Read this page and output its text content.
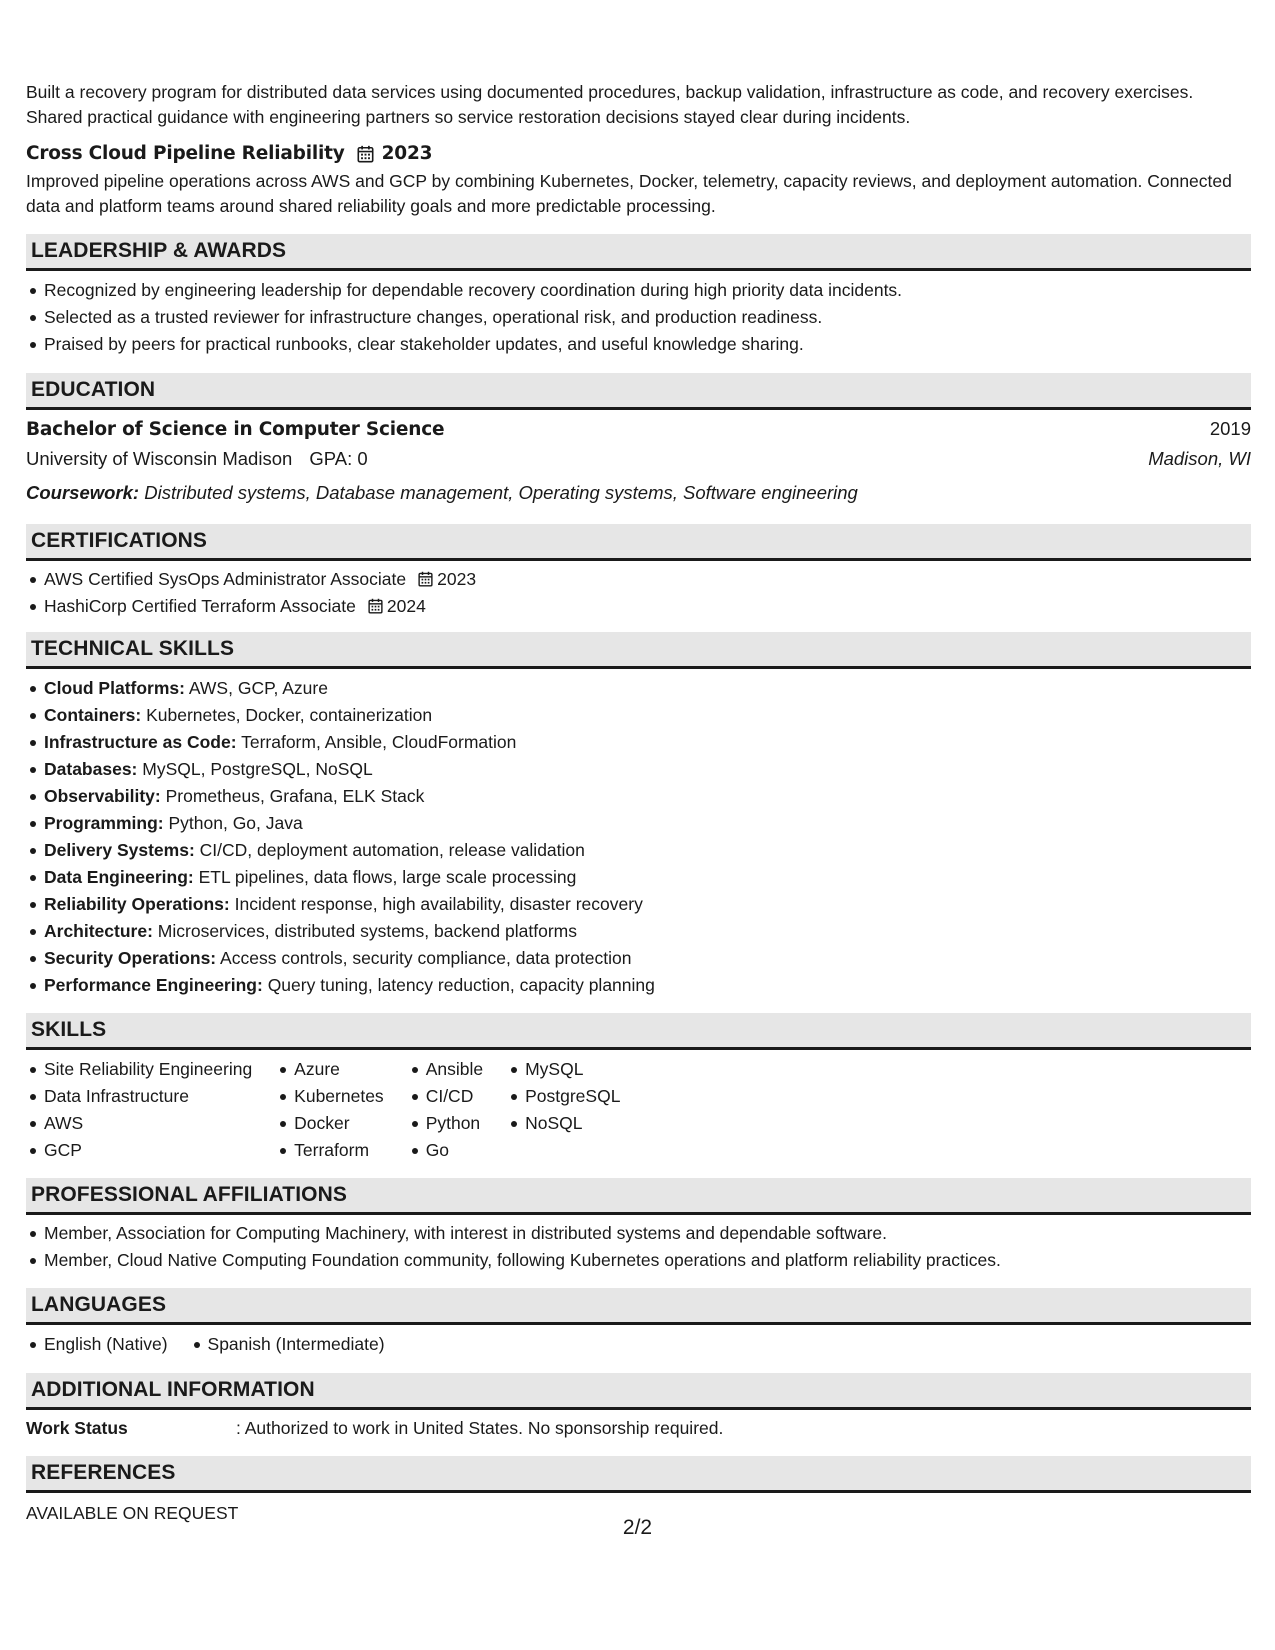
Built a recovery program for distributed data services using documented procedures, backup validation, infrastructure as code, and recovery exercises. Shared practical guidance with engineering partners so service restoration decisions stayed clear during incidents.

Cross Cloud Pipeline Reliability 2023

Improved pipeline operations across AWS and GCP by combining Kubernetes, Docker, telemetry, capacity reviews, and deployment automation. Connected data and platform teams around shared reliability goals and more predictable processing.

LEADERSHIP & AWARDS
Recognized by engineering leadership for dependable recovery coordination during high priority data incidents.
Selected as a trusted reviewer for infrastructure changes, operational risk, and production readiness.
Praised by peers for practical runbooks, clear stakeholder updates, and useful knowledge sharing.
EDUCATION
Bachelor of Science in Computer Science	2019
University of Wisconsin Madison GPA: 0	Madison, WI
Coursework: Distributed systems, Database management, Operating systems, Software engineering
CERTIFICATIONS
AWS Certified SysOps Administrator Associate 2023
HashiCorp Certified Terraform Associate 2024
TECHNICAL SKILLS
Cloud Platforms: AWS, GCP, Azure
Containers: Kubernetes, Docker, containerization
Infrastructure as Code: Terraform, Ansible, CloudFormation
Databases: MySQL, PostgreSQL, NoSQL
Observability: Prometheus, Grafana, ELK Stack
Programming: Python, Go, Java
Delivery Systems: CI/CD, deployment automation, release validation
Data Engineering: ETL pipelines, data flows, large scale processing
Reliability Operations: Incident response, high availability, disaster recovery
Architecture: Microservices, distributed systems, backend platforms
Security Operations: Access controls, security compliance, data protection
Performance Engineering: Query tuning, latency reduction, capacity planning
SKILLS
Site Reliability Engineering
Data Infrastructure
AWS
GCP
Azure
Kubernetes
Docker
Terraform
Ansible
CI/CD
Python
Go
MySQL
PostgreSQL
NoSQL
PROFESSIONAL AFFILIATIONS
Member, Association for Computing Machinery, with interest in distributed systems and dependable software.
Member, Cloud Native Computing Foundation community, following Kubernetes operations and platform reliability practices.
LANGUAGES
English (Native) Spanish (Intermediate)
ADDITIONAL INFORMATION
Work Status	: Authorized to work in United States. No sponsorship required.
REFERENCES
AVAILABLE ON REQUEST
2/2
